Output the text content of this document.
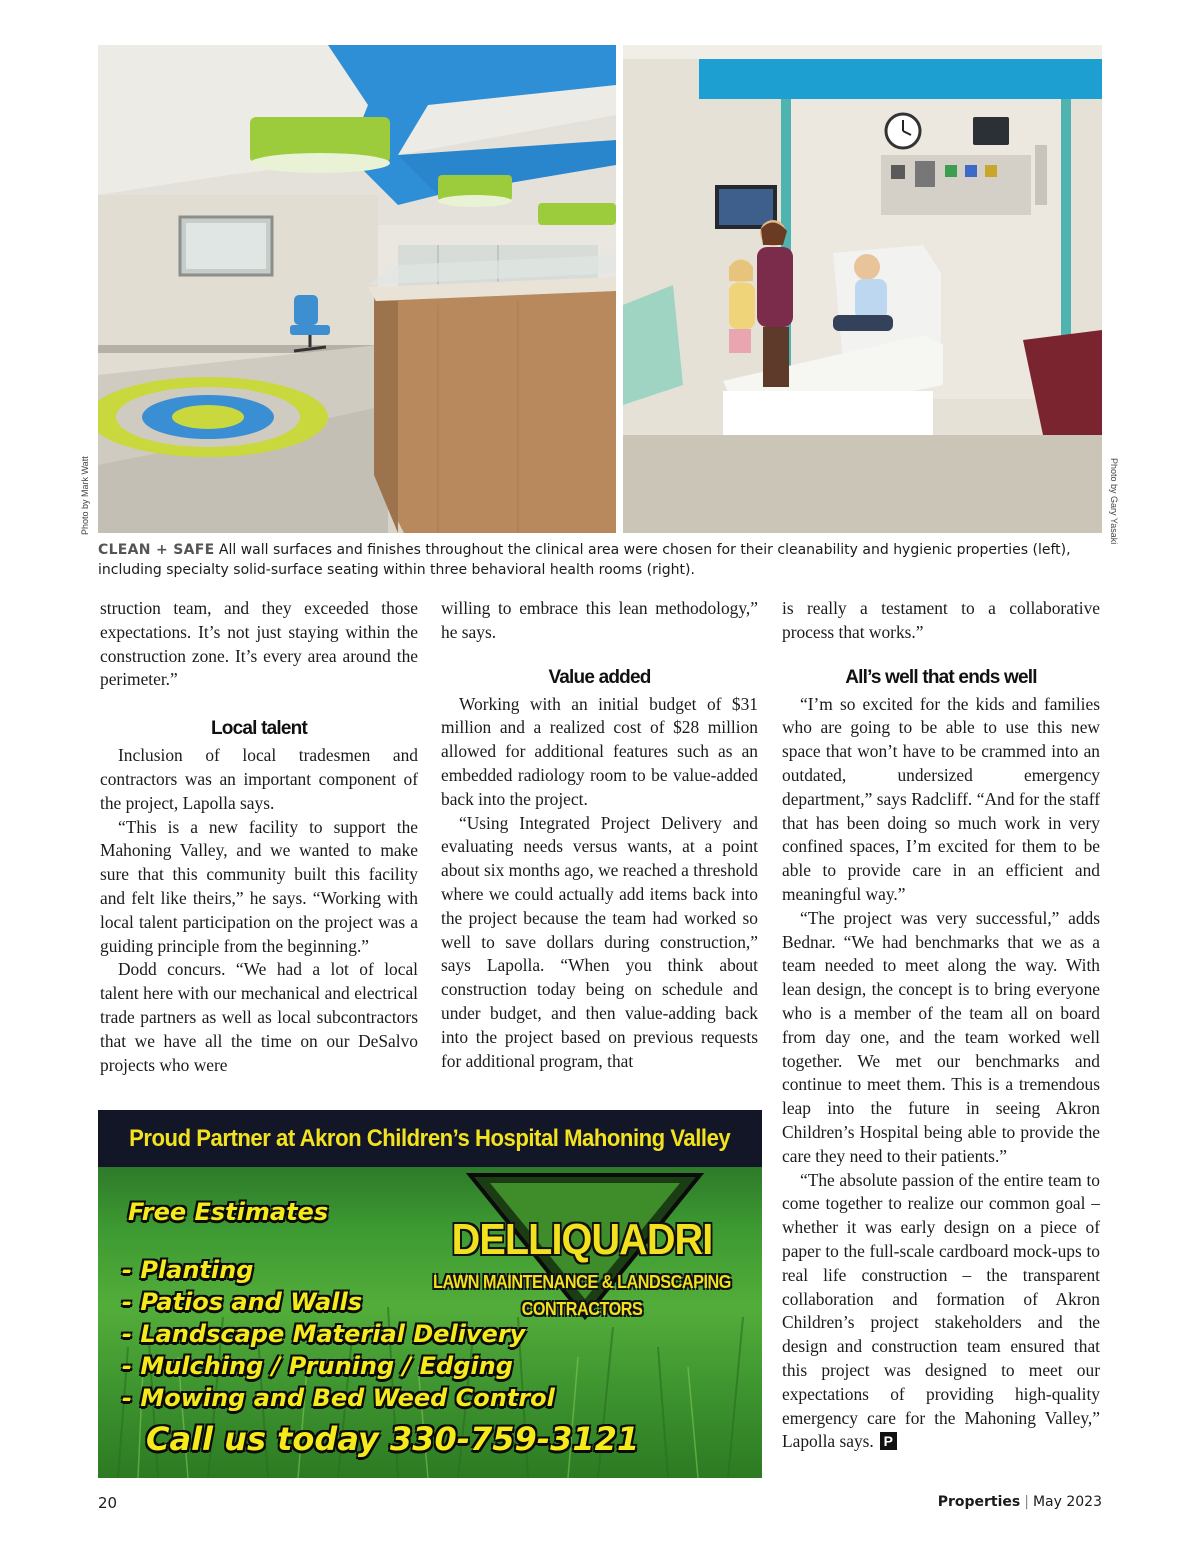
Photo by Mark Watt	Photo by Gary Yasaki
CLEAN + SAFE All wall surfaces and finishes throughout the clinical area were chosen for their cleanability and hygienic properties (left), including specialty solid-surface seating within three behavioral health rooms (right).

struction team, and they exceeded those expectations. It’s not just staying within the construction zone. It’s every area around the perimeter.”

Local talent

Inclusion of local tradesmen and contractors was an important component of the project, Lapolla says.

“This is a new facility to support the Mahoning Valley, and we wanted to make sure that this community built this facility and felt like theirs,” he says. “Working with local talent participation on the project was a guiding principle from the beginning.”

Dodd concurs. “We had a lot of local talent here with our mechanical and electrical trade partners as well as local subcontractors that we have all the time on our DeSalvo projects who were

willing to embrace this lean methodology,” he says.

Value added

Working with an initial budget of $31 million and a realized cost of $28 million allowed for additional features such as an embedded radiology room to be value-added back into the project.

“Using Integrated Project Delivery and evaluating needs versus wants, at a point about six months ago, we reached a threshold where we could actually add items back into the project because the team had worked so well to save dollars during construction,” says Lapolla. “When you think about construction today being on schedule and under budget, and then value-adding back into the project based on previous requests for additional program, that

is really a testament to a collaborative process that works.”

All’s well that ends well

“I’m so excited for the kids and families who are going to be able to use this new space that won’t have to be crammed into an outdated, undersized emergency department,” says Radcliff. “And for the staff that has been doing so much work in very confined spaces, I’m excited for them to be able to provide care in an efficient and meaningful way.”

“The project was very successful,” adds Bednar. “We had benchmarks that we as a team needed to meet along the way. With lean design, the concept is to bring everyone who is a member of the team all on board from day one, and the team worked well together. We met our benchmarks and continue to meet them. This is a tremendous leap into the future in seeing Akron Children’s Hospital being able to provide the care they need to their patients.”

“The absolute passion of the entire team to come together to realize our common goal – whether it was early design on a piece of paper to the full-scale cardboard mock-ups to real life construction – the transparent collaboration and formation of Akron Children’s project stakeholders and the design and construction team ensured that this project was designed to meet our expectations of providing high-quality emergency care for the Mahoning Valley,” Lapolla says. P

Proud Partner at Akron Children’s Hospital Mahoning Valley
DELLIQUADRI
LAWN MAINTENANCE & LANDSCAPING
CONTRACTORS
Free Estimates
- Planting
- Patios and Walls
- Landscape Material Delivery
- Mulching / Pruning / Edging
- Mowing and Bed Weed Control
Call us today 330-759-3121
20	Properties | May 2023
